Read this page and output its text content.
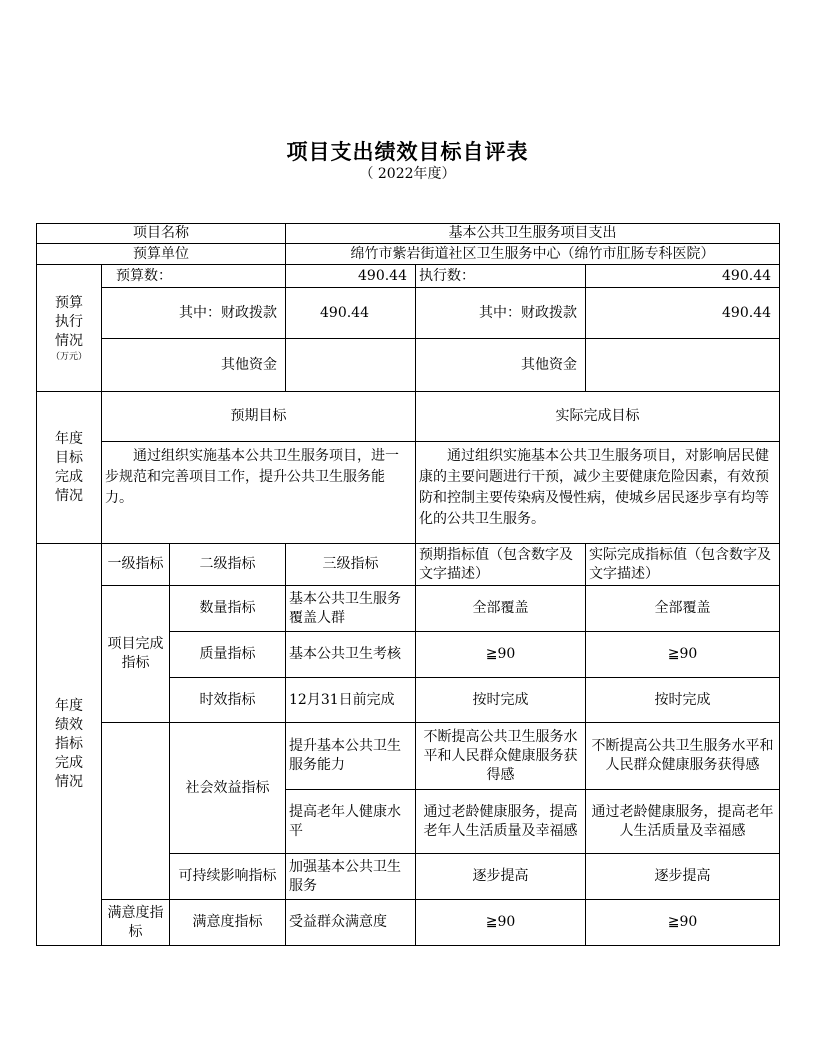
项目支出绩效目标自评表
（ 2022年度）
项目名称			基本公共卫生服务项目支出		
预算单位			绵竹市紫岩街道社区卫生服务中心（绵竹市肛肠专科医院）		

预算
执行
情况
（万元）	预算数：		490.44	执行数：	490.44
	其中：财政拨款		490.44	其中：财政拨款	490.44
	其他资金			其他资金	

年度
目标
完成
情况	预期目标			实际完成目标	
	通过组织实施基本公共卫生服务项目，进一步规范和完善项目工作，提升公共卫生服务能力。			通过组织实施基本公共卫生服务项目，对影响居民健康的主要问题进行干预，减少主要健康危险因素，有效预防和控制主要传染病及慢性病，使城乡居民逐步享有均等化的公共卫生服务。	

年度
绩效
指标
完成
情况	一级指标	二级指标	三级指标	预期指标值（包含数字及文字描述）	实际完成指标值（包含数字及文字描述）
	项目完成指标	数量指标	基本公共卫生服务覆盖人群	全部覆盖	全部覆盖
		质量指标	基本公共卫生考核	≧90	≧90
		时效指标	12月31日前完成	按时完成	按时完成
		社会效益指标	提升基本公共卫生服务能力	不断提高公共卫生服务水平和人民群众健康服务获得感	不断提高公共卫生服务水平和人民群众健康服务获得感
			提高老年人健康水平	通过老龄健康服务，提高老年人生活质量及幸福感	通过老龄健康服务，提高老年人生活质量及幸福感
		可持续影响指标	加强基本公共卫生服务	逐步提高	逐步提高
	满意度指标	满意度指标	受益群众满意度	≧90	≧90
